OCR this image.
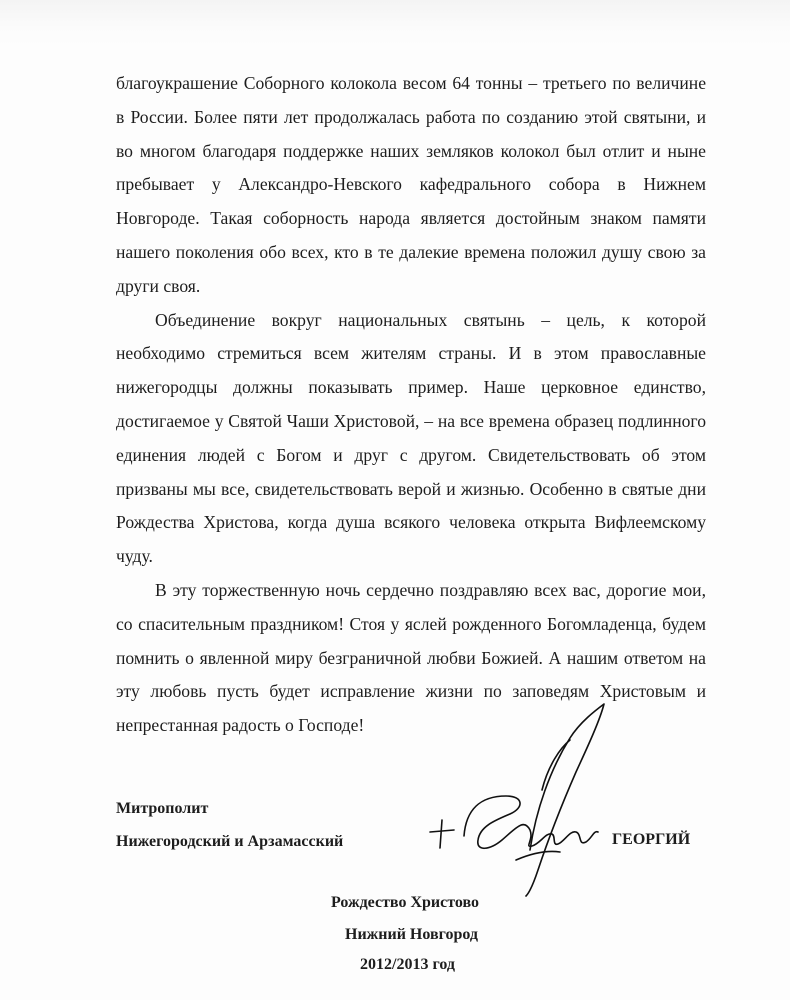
благоукрашение Соборного колокола весом 64 тонны – третьего по величине в России. Более пяти лет продолжалась работа по созданию этой святыни, и во многом благодаря поддержке наших земляков колокол был отлит и ныне пребывает у Александро-Невского кафедрального собора в Нижнем Новгороде. Такая соборность народа является достойным знаком памяти нашего поколения обо всех, кто в те далекие времена положил душу свою за други своя.

Объединение вокруг национальных святынь – цель, к которой необходимо стремиться всем жителям страны. И в этом православные нижегородцы должны показывать пример. Наше церковное единство, достигаемое у Святой Чаши Христовой, – на все времена образец подлинного единения людей с Богом и друг с другом. Свидетельствовать об этом призваны мы все, свидетельствовать верой и жизнью. Особенно в святые дни Рождества Христова, когда душа всякого человека открыта Вифлеемскому чуду.

В эту торжественную ночь сердечно поздравляю всех вас, дорогие мои, со спасительным праздником! Стоя у яслей рожденного Богомладенца, будем помнить о явленной миру безграничной любви Божией. А нашим ответом на эту любовь пусть будет исправление жизни по заповедям Христовым и непрестанная радость о Господе!

Митрополит
Нижегородский и Арзамасский	ГЕОРГИЙ
Рождество Христово
Нижний Новгород
2012/2013 год
